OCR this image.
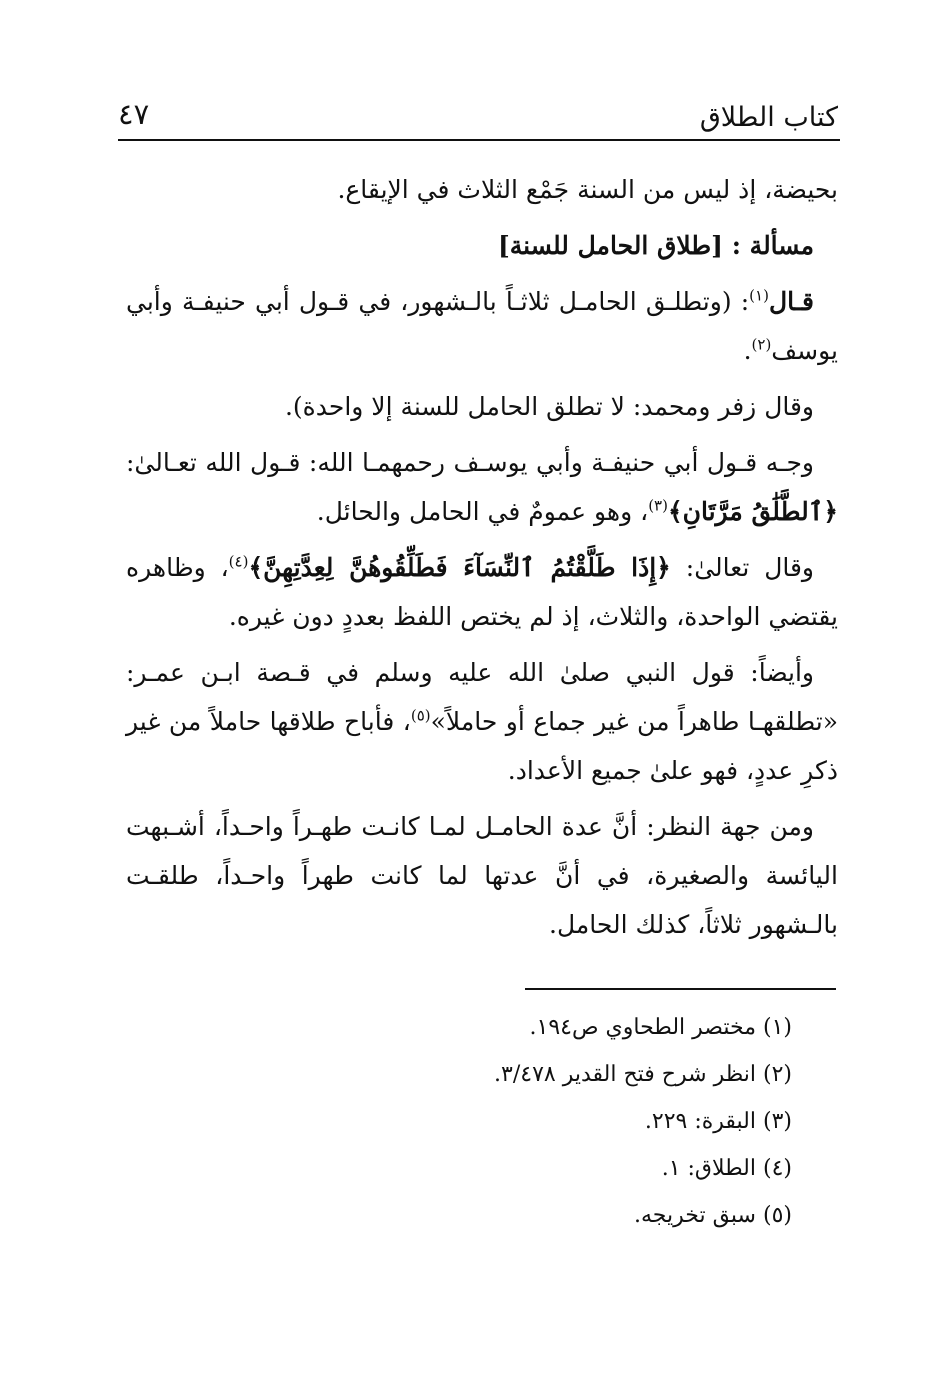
كتاب الطلاق
٤٧

بحيضة، إذ ليس من السنة جَمْع الثلاث في الإيقاع.

مسألة : [طلاق الحامل للسنة]

قـال$^{(١)}$: (وتطلـق الحامـل ثلاثـاً بالـشهور، في قـول أبي حنيفـة وأبي يوسف$^{(٢)}$.

وقال زفر ومحمد: لا تطلق الحامل للسنة إلا واحدة).

وجـه قـول أبي حنيفـة وأبي يوسـف رحمهمـا الله: قـول الله تعـالىٰ: ﴿ٱلطَّلَٰقُ مَرَّتَانِ﴾$^{(٣)}$، وهو عمومٌ في الحامل والحائل.

وقال تعالىٰ: ﴿إِذَا طَلَّقْتُمُ ٱلنِّسَآءَ فَطَلِّقُوهُنَّ لِعِدَّتِهِنَّ﴾$^{(٤)}$، وظاهره يقتضي الواحدة، والثلاث، إذ لم يختص اللفظ بعددٍ دون غيره.

وأيضاً: قول النبي صلىٰ الله عليه وسلم في قـصة ابـن عمـر: «تطلقهـا طاهراً من غير جماع أو حاملاً»$^{(٥)}$، فأباح طلاقها حاملاً من غير ذكرِ عددٍ، فهو علىٰ جميع الأعداد.

ومن جهة النظر: أنَّ عدة الحامـل لمـا كانـت طهـراً واحـداً، أشـبهت اليائسة والصغيرة، في أنَّ عدتها لما كانت طهراً واحـداً، طلقـت بالـشهور ثلاثاً، كذلك الحامل.

(١) مختصر الطحاوي ص١٩٤.

(٢) انظر شرح فتح القدير ٣/٤٧٨.

(٣) البقرة: ٢٢٩.

(٤) الطلاق: ١.

(٥) سبق تخريجه.
